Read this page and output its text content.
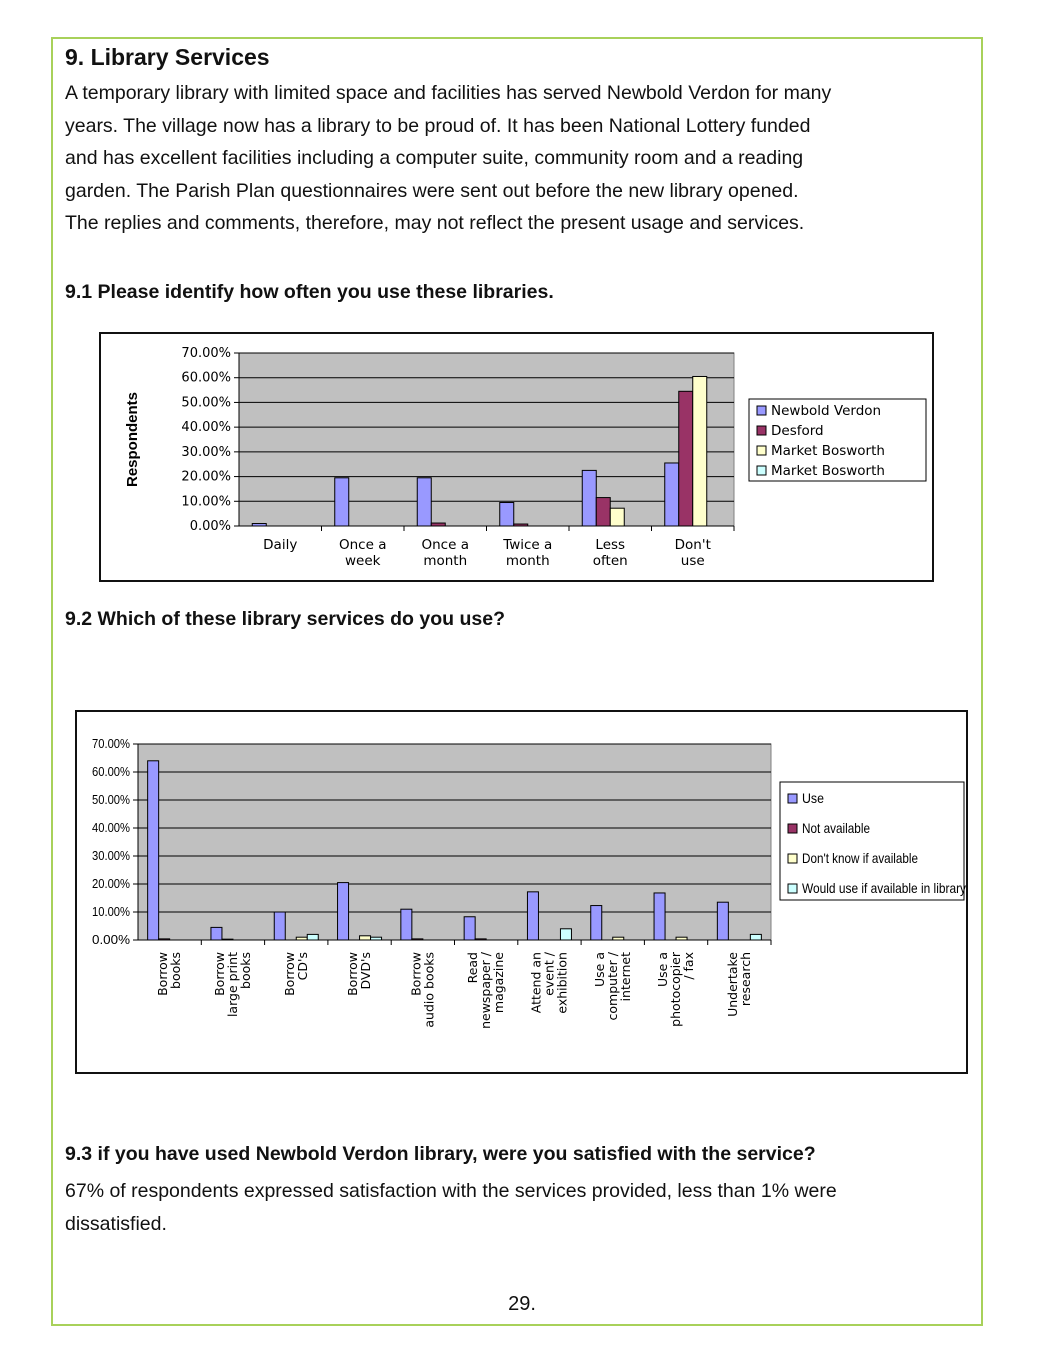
9. Library Services

A temporary library with limited space and facilities has served Newbold Verdon for many
years. The village now has a library to be proud of. It has been National Lottery funded
and has excellent facilities including a computer suite, community room and a reading
garden. The Parish Plan questionnaires were sent out before the new library opened.
The replies and comments, therefore, may not reflect the present usage and services.

9.1 Please identify how often you use these libraries.
0.00%
10.00%
20.00%
30.00%
40.00%
50.00%
60.00%
70.00%
Respondents
Daily	Once a
week
Once a
month
Twice a
month
Less
often
Don't
use
Newbold Verdon
Desford
Market Bosworth
Market Bosworth
9.2 Which of these library services do you use?
0.00%
10.00%
20.00%
30.00%
40.00%
50.00%
60.00%
70.00%
Borrow
books Borrow
large print
books Borrow
CD's	Borrow
DVD's	Borrow
audio books Read
newspaper /
magazine Attend an
event /
exhibition Use a
computer /
internet Use a
photocopier
/ fax Undertake
research
Use
Not available
Don't know if available
Would use if available in library
9.3 if you have used Newbold Verdon library, were you satisfied with the service?
67% of respondents expressed satisfaction with the services provided, less than 1% were
dissatisfied.
29.
